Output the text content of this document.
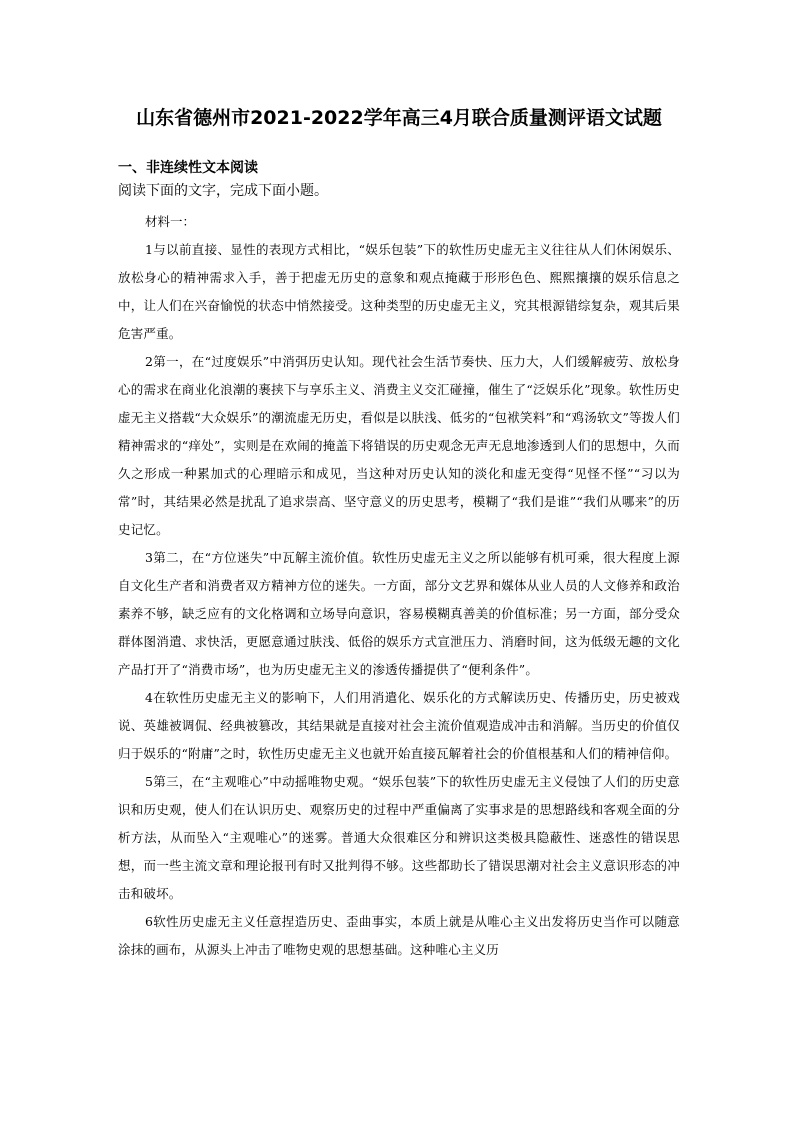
山东省德州市2021-2022学年高三4月联合质量测评语文试题
一、非连续性文本阅读

阅读下面的文字，完成下面小题。

材料一：

1与以前直接、显性的表现方式相比，“娱乐包装”下的软性历史虚无主义往往从人们休闲娱乐、放松身心的精神需求入手，善于把虚无历史的意象和观点掩藏于形形色色、熙熙攘攘的娱乐信息之中，让人们在兴奋愉悦的状态中悄然接受。这种类型的历史虚无主义，究其根源错综复杂，观其后果危害严重。

2第一，在“过度娱乐”中消弭历史认知。现代社会生活节奏快、压力大，人们缓解疲劳、放松身心的需求在商业化浪潮的裹挟下与享乐主义、消费主义交汇碰撞，催生了“泛娱乐化”现象。软性历史虚无主义搭载“大众娱乐”的潮流虚无历史，看似是以肤浅、低劣的“包袱笑料”和“鸡汤软文”等拨人们精神需求的“痒处”，实则是在欢闹的掩盖下将错误的历史观念无声无息地渗透到人们的思想中，久而久之形成一种累加式的心理暗示和成见，当这种对历史认知的淡化和虚无变得“见怪不怪”“习以为常”时，其结果必然是扰乱了追求崇高、坚守意义的历史思考，模糊了“我们是谁”“我们从哪来”的历史记忆。

3第二，在“方位迷失”中瓦解主流价值。软性历史虚无主义之所以能够有机可乘，很大程度上源自文化生产者和消费者双方精神方位的迷失。一方面，部分文艺界和媒体从业人员的人文修养和政治素养不够，缺乏应有的文化格调和立场导向意识，容易模糊真善美的价值标准；另一方面，部分受众群体图消遣、求快活，更愿意通过肤浅、低俗的娱乐方式宣泄压力、消磨时间，这为低级无趣的文化产品打开了“消费市场”，也为历史虚无主义的渗透传播提供了“便利条件”。

4在软性历史虚无主义的影响下，人们用消遣化、娱乐化的方式解读历史、传播历史，历史被戏说、英雄被调侃、经典被篡改，其结果就是直接对社会主流价值观造成冲击和消解。当历史的价值仅归于娱乐的“附庸”之时，软性历史虚无主义也就开始直接瓦解着社会的价值根基和人们的精神信仰。

5第三，在“主观唯心”中动摇唯物史观。“娱乐包装”下的软性历史虚无主义侵蚀了人们的历史意识和历史观，使人们在认识历史、观察历史的过程中严重偏离了实事求是的思想路线和客观全面的分析方法，从而坠入“主观唯心”的迷雾。普通大众很难区分和辨识这类极具隐蔽性、迷惑性的错误思想，而一些主流文章和理论报刊有时又批判得不够。这些都助长了错误思潮对社会主义意识形态的冲击和破坏。

6软性历史虚无主义任意捏造历史、歪曲事实，本质上就是从唯心主义出发将历史当作可以随意涂抹的画布，从源头上冲击了唯物史观的思想基础。这种唯心主义历
